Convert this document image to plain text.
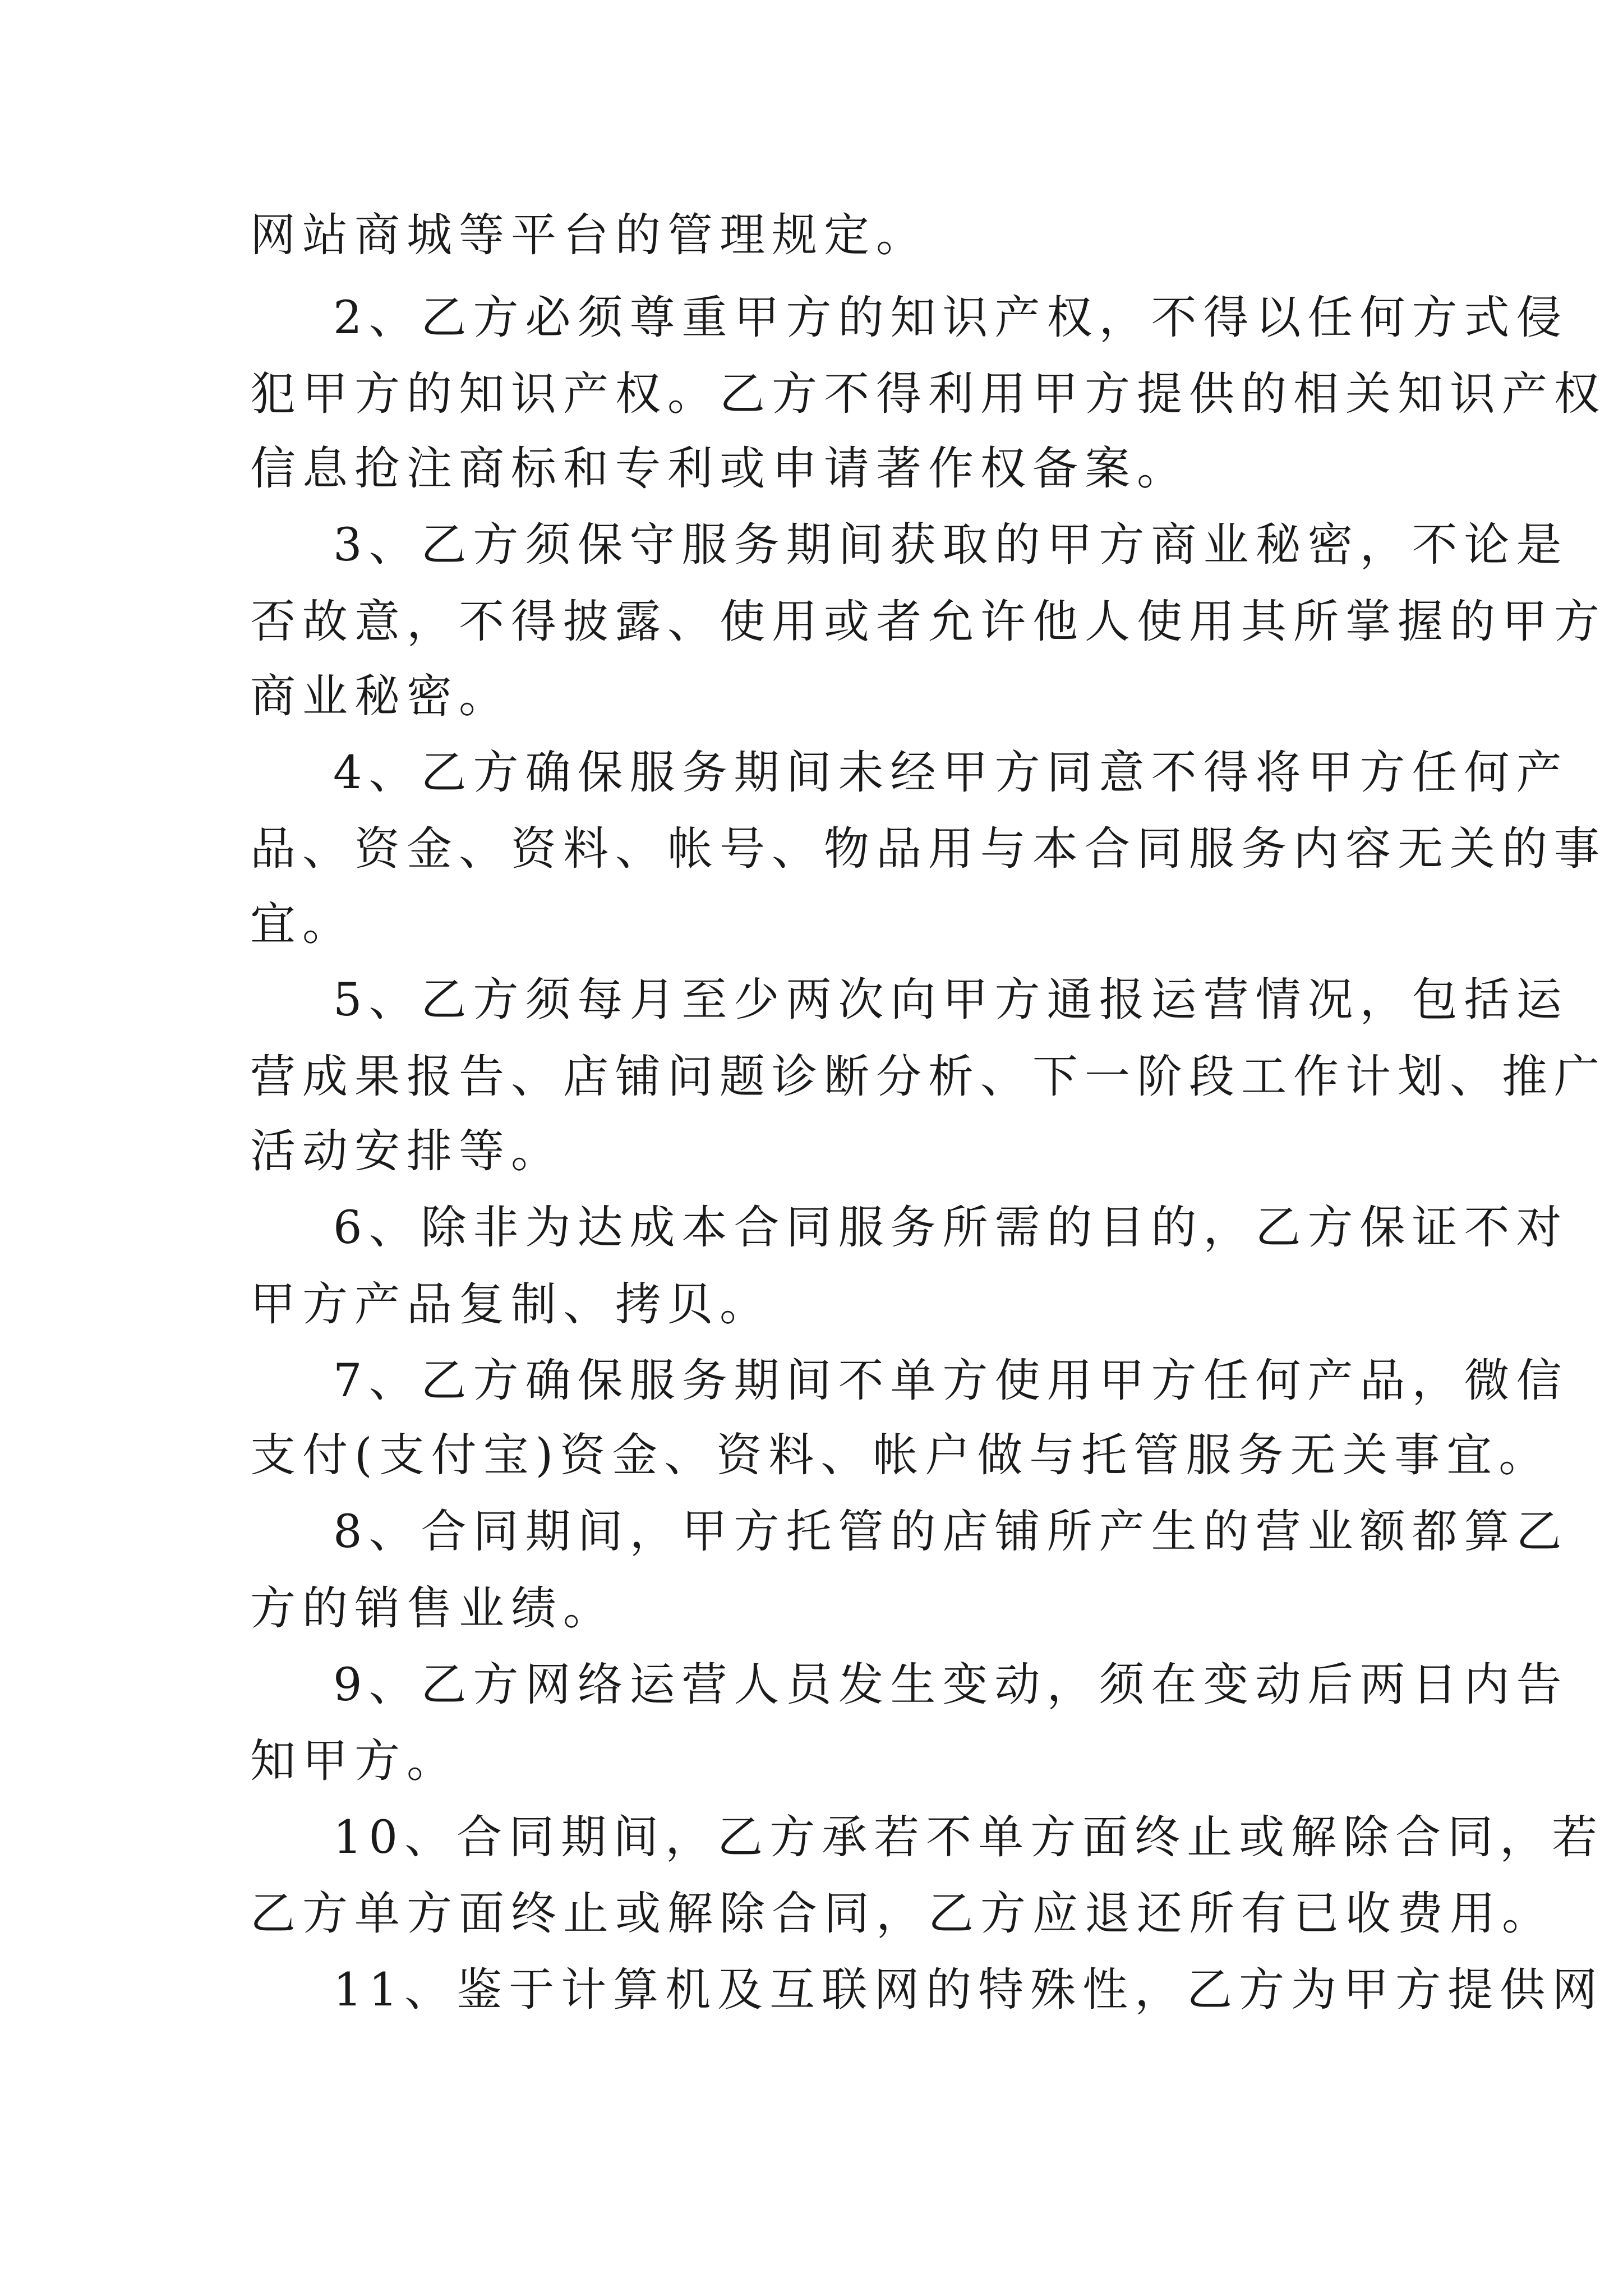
网站商城等平台的管理规定。

2、乙方必须尊重甲方的知识产权，不得以任何方式侵

犯甲方的知识产权。乙方不得利用甲方提供的相关知识产权

信息抢注商标和专利或申请著作权备案。

3、乙方须保守服务期间获取的甲方商业秘密，不论是

否故意，不得披露、使用或者允许他人使用其所掌握的甲方

商业秘密。

4、乙方确保服务期间未经甲方同意不得将甲方任何产

品、资金、资料、帐号、物品用与本合同服务内容无关的事

宜。

5、乙方须每月至少两次向甲方通报运营情况，包括运

营成果报告、店铺问题诊断分析、下一阶段工作计划、推广

活动安排等。

6、除非为达成本合同服务所需的目的，乙方保证不对

甲方产品复制、拷贝。

7、乙方确保服务期间不单方使用甲方任何产品，微信

支付(支付宝)资金、资料、帐户做与托管服务无关事宜。

8、合同期间，甲方托管的店铺所产生的营业额都算乙

方的销售业绩。

9、乙方网络运营人员发生变动，须在变动后两日内告

知甲方。

10、合同期间，乙方承若不单方面终止或解除合同，若

乙方单方面终止或解除合同，乙方应退还所有已收费用。

11、鉴于计算机及互联网的特殊性，乙方为甲方提供网
